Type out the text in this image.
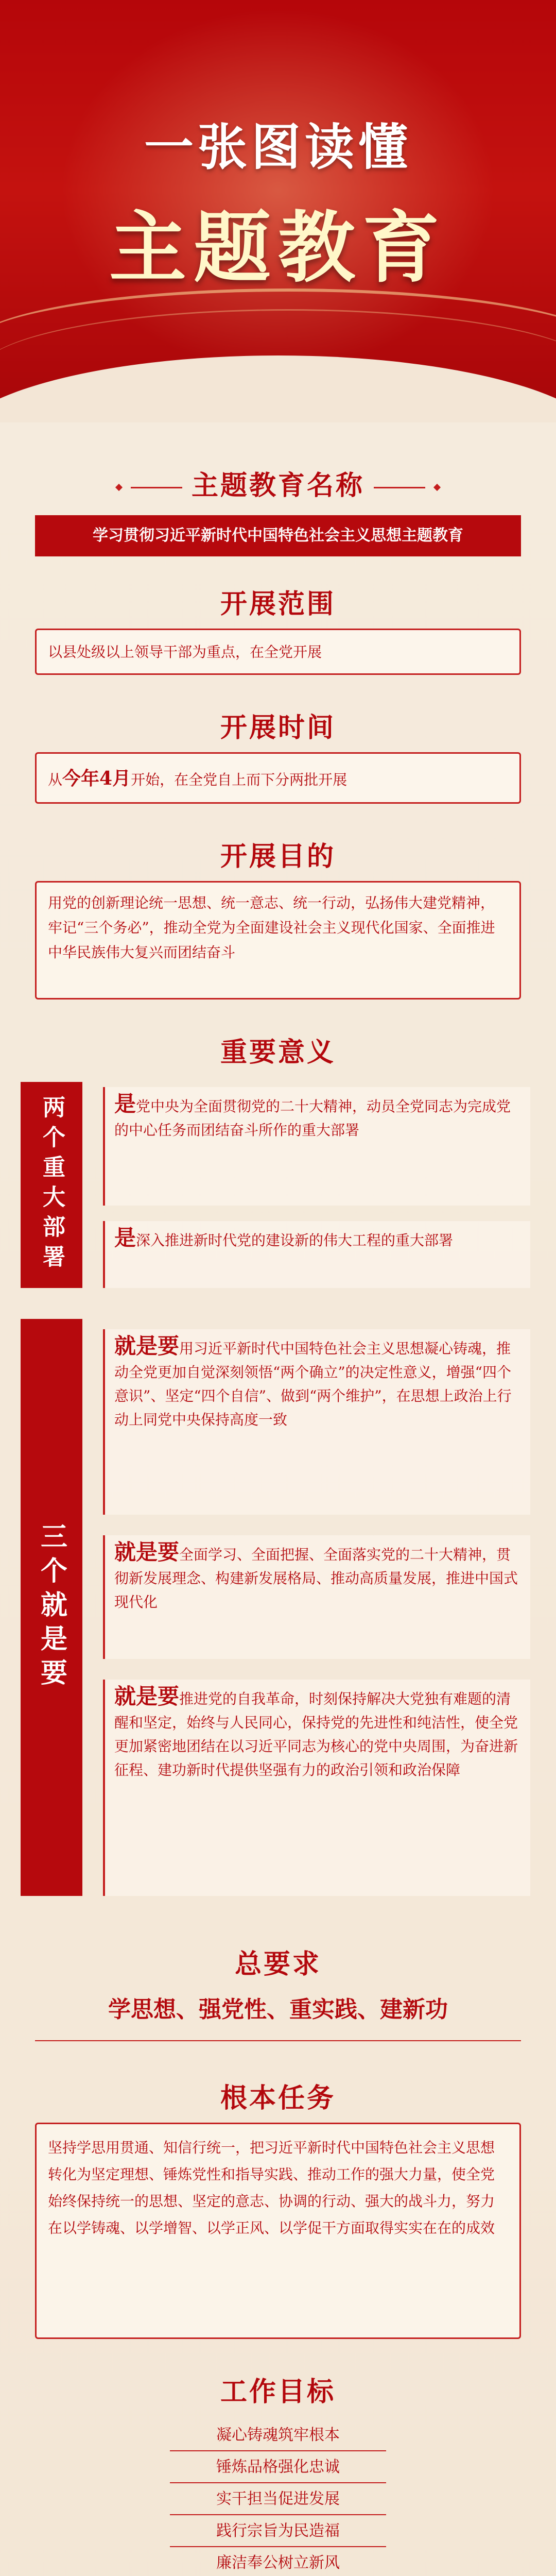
一张图读懂
主题教育
主题教育名称
学习贯彻习近平新时代中国特色社会主义思想主题教育
开展范围
以县处级以上领导干部为重点，在全党开展
开展时间
从今年4月开始，在全党自上而下分两批开展
开展目的
用党的创新理论统一思想、统一意志、统一行动，弘扬伟大建党精神，牢记“三个务必”，推动全党为全面建设社会主义现代化国家、全面推进中华民族伟大复兴而团结奋斗
重要意义
两个重大部署	是党中央为全面贯彻党的二十大精神，动员全党同志为完成党的中心任务而团结奋斗所作的重大部署
是深入推进新时代党的建设新的伟大工程的重大部署
三个就是要
就是要用习近平新时代中国特色社会主义思想凝心铸魂，推动全党更加自觉深刻领悟“两个确立”的决定性意义，增强“四个意识”、坚定“四个自信”、做到“两个维护”，在思想上政治上行动上同党中央保持高度一致
就是要全面学习、全面把握、全面落实党的二十大精神，贯彻新发展理念、构建新发展格局、推动高质量发展，推进中国式现代化
就是要推进党的自我革命，时刻保持解决大党独有难题的清醒和坚定，始终与人民同心，保持党的先进性和纯洁性，使全党更加紧密地团结在以习近平同志为核心的党中央周围，为奋进新征程、建功新时代提供坚强有力的政治引领和政治保障
总要求
学思想、强党性、重实践、建新功
根本任务
坚持学思用贯通、知信行统一，把习近平新时代中国特色社会主义思想转化为坚定理想、锤炼党性和指导实践、推动工作的强大力量，使全党始终保持统一的思想、坚定的意志、协调的行动、强大的战斗力，努力在以学铸魂、以学增智、以学正风、以学促干方面取得实实在在的成效
工作目标
凝心铸魂筑牢根本
锤炼品格强化忠诚
实干担当促进发展
践行宗旨为民造福
廉洁奉公树立新风
